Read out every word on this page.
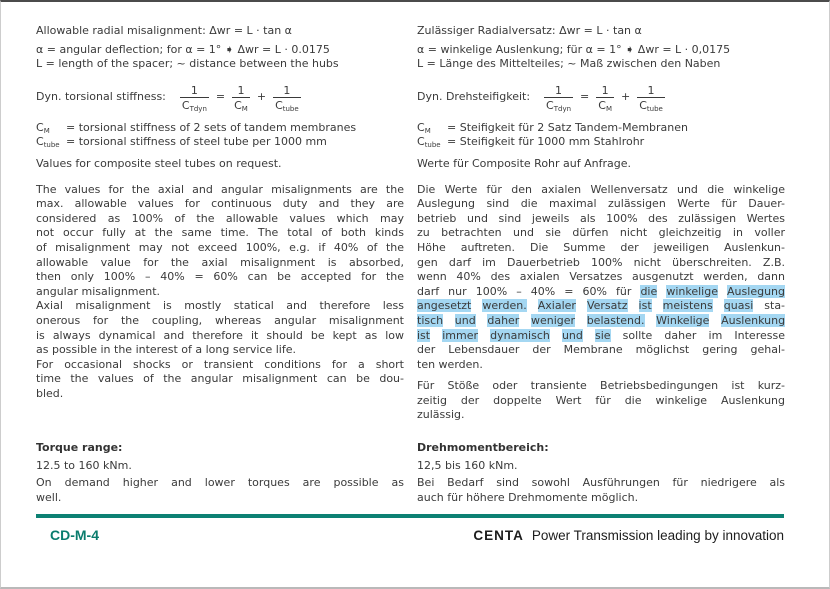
Allowable radial misalignment: Δwr = L · tan α
α = angular deflection; for α = 1° ➧ Δwr = L · 0.0175
L = length of the spacer; ~ distance between the hubs
Zulässiger Radialversatz: Δwr = L · tan α
α = winkelige Auslenkung; für α = 1° ➧ Δwr = L · 0,0175
L = Länge des Mittelteiles; ~ Maß zwischen den Naben
Dyn. torsional stiffness: $\frac{1}{C_{Tdyn}} = \frac{1}{C_M} + \frac{1}{C_{tube}}$	Dyn. Drehsteifigkeit: $\frac{1}{C_{Tdyn}} = \frac{1}{C_M} + \frac{1}{C_{tube}}$
$C_M$ = torsional stiffness of 2 sets of tandem membranes
$C_{tube}$ = torsional stiffness of steel tube per 1000 mm
$C_M$ = Steifigkeit für 2 Satz Tandem-Membranen
$C_{tube}$ = Steifigkeit für 1000 mm Stahlrohr
Values for composite steel tubes on request.	Werte für Composite Rohr auf Anfrage.
The values for the axial and angular misalignments are the
max. allowable values for continuous duty and they are
considered as 100% of the allowable values which may
not occur fully at the same time. The total of both kinds
of misalignment may not exceed 100%, e.g. if 40% of the
allowable value for the axial misalignment is absorbed,
then only 100% – 40% = 60% can be accepted for the
angular misalignment.
Axial misalignment is mostly statical and therefore less
onerous for the coupling, whereas angular misalignment
is always dynamical and therefore it should be kept as low
as possible in the interest of a long service life.
For occasional shocks or transient conditions for a short
time the values of the angular misalignment can be dou-
bled.
Die Werte für den axialen Wellenversatz und die winkelige
Auslegung sind die maximal zulässigen Werte für Dauer-
betrieb und sind jeweils als 100% des zulässigen Wertes
zu betrachten und sie dürfen nicht gleichzeitig in voller
Höhe auftreten. Die Summe der jeweiligen Auslenkun-
gen darf im Dauerbetrieb 100% nicht überschreiten. Z.B.
wenn 40% des axialen Versatzes ausgenutzt werden, dann
darf nur 100% – 40% = 60% für die winkelige Auslegung
angesetzt werden. Axialer Versatz ist meistens quasi sta-
tisch und daher weniger belastend. Winkelige Auslenkung
ist immer dynamisch und sie sollte daher im Interesse
der Lebensdauer der Membrane möglichst gering gehal-
ten werden.
Für Stöße oder transiente Betriebsbedingungen ist kurz-
zeitig der doppelte Wert für die winkelige Auslenkung
zulässig.
Torque range:	Drehmomentbereich:
12.5 to 160 kNm.	12,5 bis 160 kNm.
On demand higher and lower torques are possible as
well.
Bei Bedarf sind sowohl Ausführungen für niedrigere als
auch für höhere Drehmomente möglich.
CD-M-4	CENTA Power Transmission leading by innovation
